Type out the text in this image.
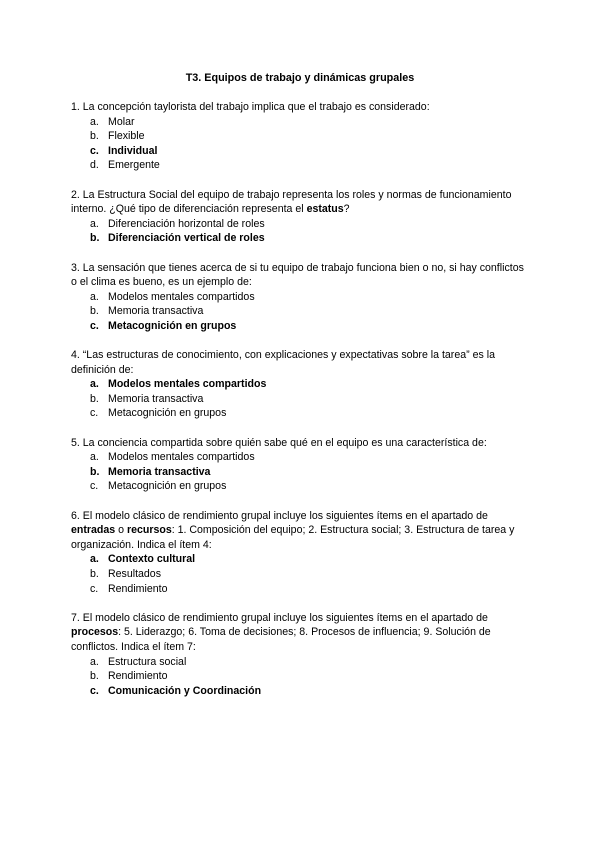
T3. Equipos de trabajo y dinámicas grupales

1. La concepción taylorista del trabajo implica que el trabajo es considerado:

a. Molar
b. Flexible
c. Individual
d. Emergente

2. La Estructura Social del equipo de trabajo representa los roles y normas de funcionamiento interno. ¿Qué tipo de diferenciación representa el estatus?

a. Diferenciación horizontal de roles
b. Diferenciación vertical de roles

3. La sensación que tienes acerca de si tu equipo de trabajo funciona bien o no, si hay conflictos o el clima es bueno, es un ejemplo de:

a. Modelos mentales compartidos
b. Memoria transactiva
c. Metacognición en grupos

4. “Las estructuras de conocimiento, con explicaciones y expectativas sobre la tarea” es la definición de:

a. Modelos mentales compartidos
b. Memoria transactiva
c. Metacognición en grupos

5. La conciencia compartida sobre quién sabe qué en el equipo es una característica de:

a. Modelos mentales compartidos
b. Memoria transactiva
c. Metacognición en grupos

6. El modelo clásico de rendimiento grupal incluye los siguientes ítems en el apartado de entradas o recursos: 1. Composición del equipo; 2. Estructura social; 3. Estructura de tarea y organización. Indica el ítem 4:

a. Contexto cultural
b. Resultados
c. Rendimiento

7. El modelo clásico de rendimiento grupal incluye los siguientes ítems en el apartado de procesos: 5. Liderazgo; 6. Toma de decisiones; 8. Procesos de influencia; 9. Solución de conflictos. Indica el ítem 7:

a. Estructura social
b. Rendimiento
c. Comunicación y Coordinación
